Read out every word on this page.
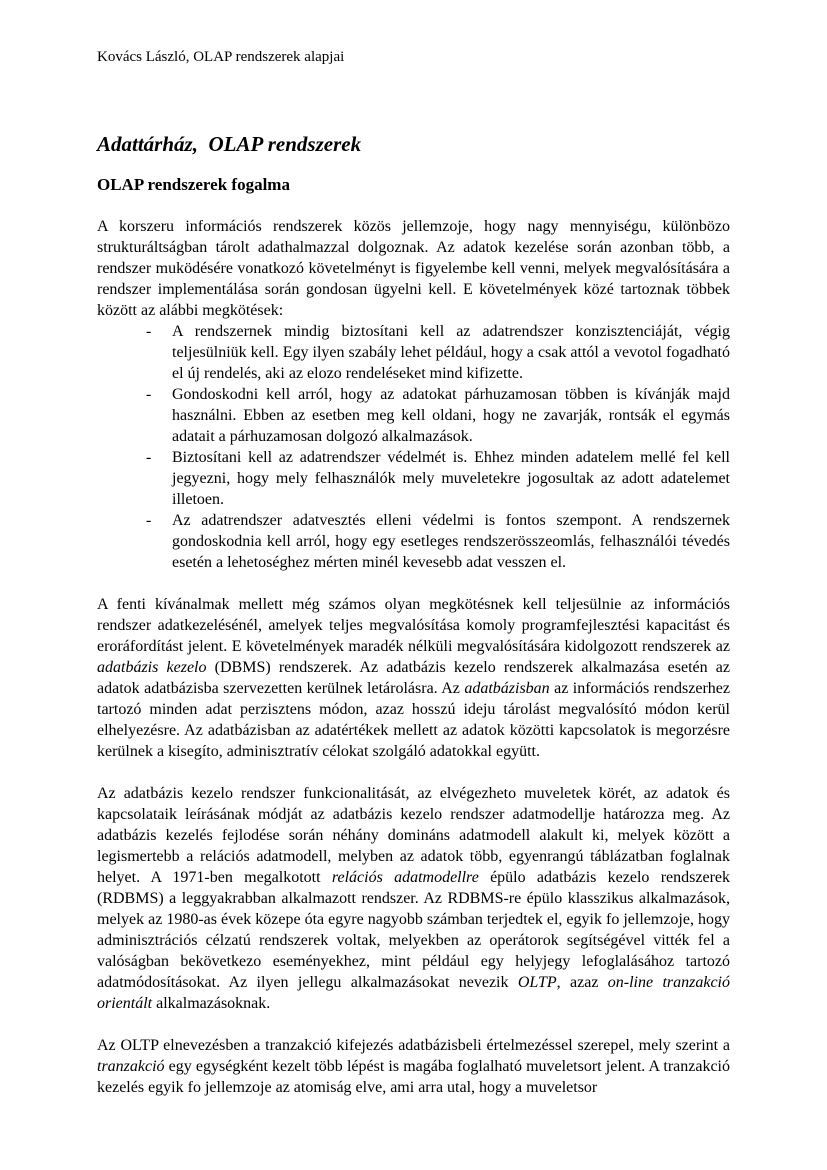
Kovács László, OLAP rendszerek alapjai
Adattárház,  OLAP rendszerek
OLAP rendszerek fogalma

A korszeru információs rendszerek közös jellemzoje, hogy nagy mennyiségu, különbözo strukturáltságban tárolt adathalmazzal dolgoznak. Az adatok kezelése során azonban több, a rendszer muködésére vonatkozó követelményt is figyelembe kell venni, melyek megvalósítására a rendszer implementálása során gondosan ügyelni kell. E követelmények közé tartoznak többek között az alábbi megkötések:

-	A rendszernek mindig biztosítani kell az adatrendszer konzisztenciáját, végig teljesülniük kell. Egy ilyen szabály lehet például, hogy a csak attól a vevotol fogadható el új rendelés, aki az elozo rendeléseket mind kifizette.
-	Gondoskodni kell arról, hogy az adatokat párhuzamosan többen is kívánják majd használni. Ebben az esetben meg kell oldani, hogy ne zavarják, rontsák el egymás adatait a párhuzamosan dolgozó alkalmazások.
-	Biztosítani kell az adatrendszer védelmét is. Ehhez minden adatelem mellé fel kell jegyezni, hogy mely felhasználók mely muveletekre jogosultak az adott adatelemet illetoen.
-	Az adatrendszer adatvesztés elleni védelmi is fontos szempont. A rendszernek gondoskodnia kell arról, hogy egy esetleges rendszerösszeomlás, felhasználói tévedés esetén a lehetoséghez mérten minél kevesebb adat vesszen el.

A fenti kívánalmak mellett még számos olyan megkötésnek kell teljesülnie az információs rendszer adatkezelésénél, amelyek teljes megvalósítása komoly programfejlesztési kapacitást és eroráfordítást jelent. E követelmények maradék nélküli megvalósítására kidolgozott rendszerek az adatbázis kezelo (DBMS) rendszerek. Az adatbázis kezelo rendszerek alkalmazása esetén az adatok adatbázisba szervezetten kerülnek letárolásra. Az adatbázisban az információs rendszerhez tartozó minden adat perzisztens módon, azaz hosszú ideju tárolást megvalósító módon kerül elhelyezésre. Az adatbázisban az adatértékek mellett az adatok közötti kapcsolatok is megorzésre kerülnek a kisegíto, adminisztratív célokat szolgáló adatokkal együtt.

Az adatbázis kezelo rendszer funkcionalitását, az elvégezheto muveletek körét, az adatok és kapcsolataik leírásának módját az adatbázis kezelo rendszer adatmodellje határozza meg. Az adatbázis kezelés fejlodése során néhány domináns adatmodell alakult ki, melyek között a legismertebb a relációs adatmodell, melyben az adatok több, egyenrangú táblázatban foglalnak helyet. A 1971-ben megalkotott relációs adatmodellre épülo adatbázis kezelo rendszerek (RDBMS) a leggyakrabban alkalmazott rendszer. Az RDBMS-re épülo klasszikus alkalmazások, melyek az 1980-as évek közepe óta egyre nagyobb számban terjedtek el, egyik fo jellemzoje, hogy adminisztrációs célzatú rendszerek voltak, melyekben az operátorok segítségével vitték fel a valóságban bekövetkezo eseményekhez, mint például egy helyjegy lefoglalásához tartozó adatmódosításokat. Az ilyen jellegu alkalmazásokat nevezik OLTP, azaz on-line tranzakció orientált alkalmazásoknak.

Az OLTP elnevezésben a tranzakció kifejezés adatbázisbeli értelmezéssel szerepel, mely szerint a tranzakció egy egységként kezelt több lépést is magába foglalható muveletsort jelent. A tranzakció kezelés egyik fo jellemzoje az atomiság elve, ami arra utal, hogy a muveletsor
